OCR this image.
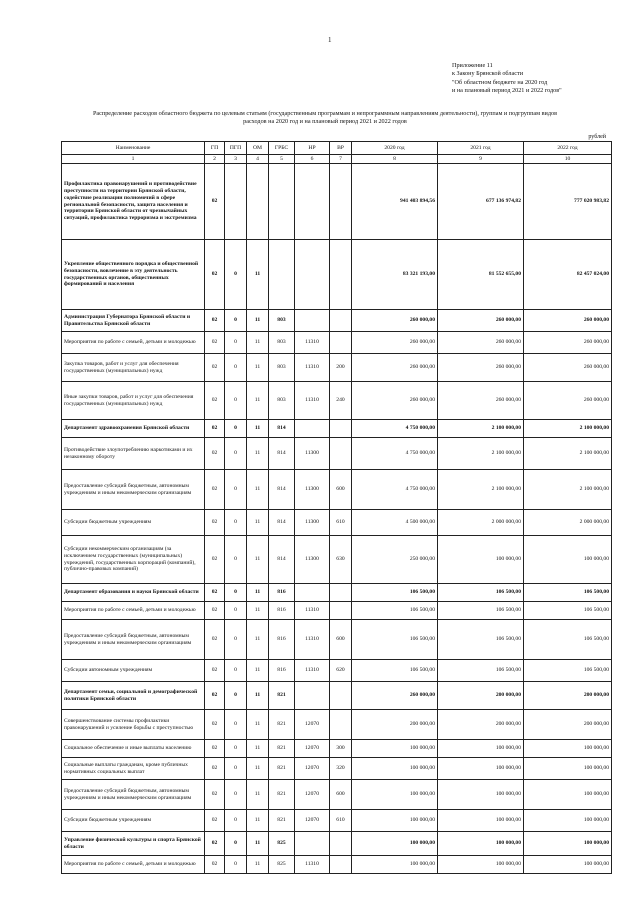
1
Приложение 11
к Закону Брянской области
"Об областном бюджете на 2020 год
и на плановый период 2021 и 2022 годов"
Распределение расходов областного бюджета по целевым статьям (государственным программам и непрограммным направлениям деятельности), группам и подгруппам видов
расходов на 2020 год и на плановый период 2021 и 2022 годов
рублей
Наименование	ГП	ПГП	ОМ	ГРБС	НР	ВР	2020 год	2021 год	2022 год
1	2	3	4	5	6	7	8	9	10
Профилактика правонарушений и противодействие преступности на территории Брянской области, содействие реализации полномочий в сфере региональной безопасности, защита населения и территории Брянской области от чрезвычайных ситуаций, профилактика терроризма и экстремизма	02						941 403 894,56	677 136 974,82	777 020 983,82
Укрепление общественного порядка и общественной безопасности, вовлечение в эту деятельность государственных органов, общественных формирований и населения	02	0	11				83 321 193,00	81 552 655,00	82 457 024,00
Администрация Губернатора Брянской области и Правительства Брянской области	02	0	11	803			260 000,00	260 000,00	260 000,00
Мероприятия по работе с семьей, детьми и молодежью	02	0	11	803	11310		260 000,00	260 000,00	260 000,00
Закупка товаров, работ и услуг для обеспечения государственных (муниципальных) нужд	02	0	11	803	11310	200	260 000,00	260 000,00	260 000,00
Иные закупки товаров, работ и услуг для обеспечения государственных (муниципальных) нужд	02	0	11	803	11310	240	260 000,00	260 000,00	260 000,00
Департамент здравоохранения Брянской области	02	0	11	814			4 750 000,00	2 100 000,00	2 100 000,00
Противодействие злоупотреблению наркотиками и их незаконному обороту	02	0	11	814	11300		4 750 000,00	2 100 000,00	2 100 000,00
Предоставление субсидий бюджетным, автономным учреждениям и иным некоммерческим организациям	02	0	11	814	11300	600	4 750 000,00	2 100 000,00	2 100 000,00
Субсидии бюджетным учреждениям	02	0	11	814	11300	610	4 500 000,00	2 000 000,00	2 000 000,00
Субсидии некоммерческим организациям (за исключением государственных (муниципальных) учреждений, государственных корпораций (компаний), публично-правовых компаний)	02	0	11	814	11300	630	250 000,00	100 000,00	100 000,00
Департамент образования и науки Брянской области	02	0	11	816			106 500,00	106 500,00	106 500,00
Мероприятия по работе с семьей, детьми и молодежью	02	0	11	816	11310		106 500,00	106 500,00	106 500,00
Предоставление субсидий бюджетным, автономным учреждениям и иным некоммерческим организациям	02	0	11	816	11310	600	106 500,00	106 500,00	106 500,00
Субсидии автономным учреждениям	02	0	11	816	11310	620	106 500,00	106 500,00	106 500,00
Департамент семьи, социальной и демографической политики Брянской области	02	0	11	821			260 000,00	200 000,00	200 000,00
Совершенствование системы профилактики правонарушений и усиление борьбы с преступностью	02	0	11	821	12070		200 000,00	200 000,00	200 000,00
Социальное обеспечение и иные выплаты населению	02	0	11	821	12070	300	100 000,00	100 000,00	100 000,00
Социальные выплаты гражданам, кроме публичных нормативных социальных выплат	02	0	11	821	12070	320	100 000,00	100 000,00	100 000,00
Предоставление субсидий бюджетным, автономным учреждениям и иным некоммерческим организациям	02	0	11	821	12070	600	100 000,00	100 000,00	100 000,00
Субсидии бюджетным учреждениям	02	0	11	821	12070	610	100 000,00	100 000,00	100 000,00
Управление физической культуры и спорта Брянской области	02	0	11	825			100 000,00	100 000,00	100 000,00
Мероприятия по работе с семьей, детьми и молодежью	02	0	11	825	11310		100 000,00	100 000,00	100 000,00
